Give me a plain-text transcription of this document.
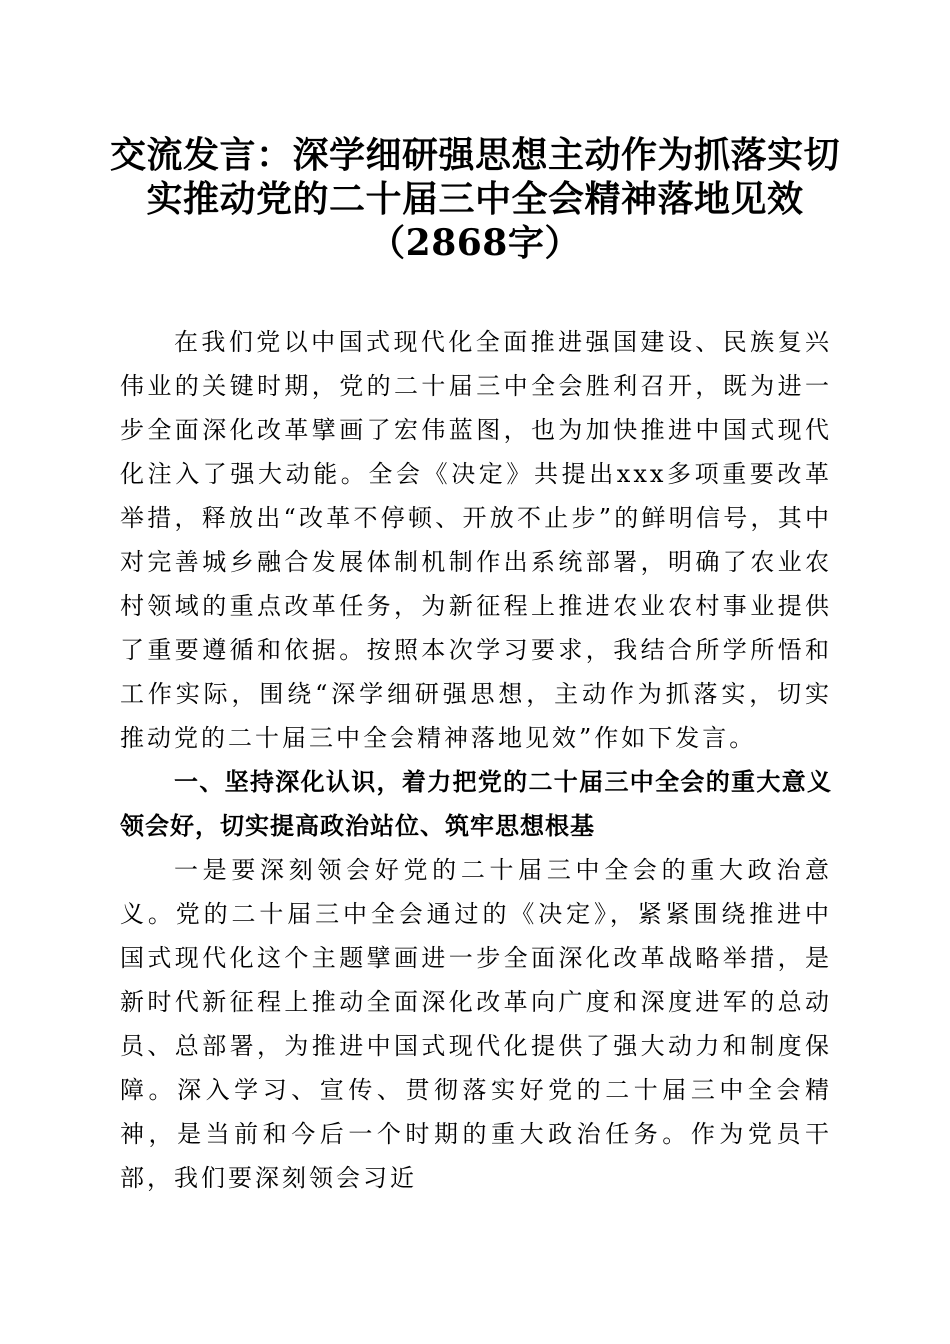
交流发言：深学细研强思想主动作为抓落实切
实推动党的二十届三中全会精神落地见效
（2868字）

在我们党以中国式现代化全面推进强国建设、民族复兴伟业的关键时期，党的二十届三中全会胜利召开，既为进一步全面深化改革擘画了宏伟蓝图，也为加快推进中国式现代化注入了强大动能。全会《决定》共提出xxx多项重要改革举措，释放出“改革不停顿、开放不止步”的鲜明信号，其中对完善城乡融合发展体制机制作出系统部署，明确了农业农村领域的重点改革任务，为新征程上推进农业农村事业提供了重要遵循和依据。按照本次学习要求，我结合所学所悟和工作实际，围绕“深学细研强思想，主动作为抓落实，切实推动党的二十届三中全会精神落地见效”作如下发言。

一、坚持深化认识，着力把党的二十届三中全会的重大意义领会好，切实提高政治站位、筑牢思想根基

一是要深刻领会好党的二十届三中全会的重大政治意义。党的二十届三中全会通过的《决定》，紧紧围绕推进中国式现代化这个主题擘画进一步全面深化改革战略举措，是新时代新征程上推动全面深化改革向广度和深度进军的总动员、总部署，为推进中国式现代化提供了强大动力和制度保障。深入学习、宣传、贯彻落实好党的二十届三中全会精神，是当前和今后一个时期的重大政治任务。作为党员干部，我们要深刻领会习近
